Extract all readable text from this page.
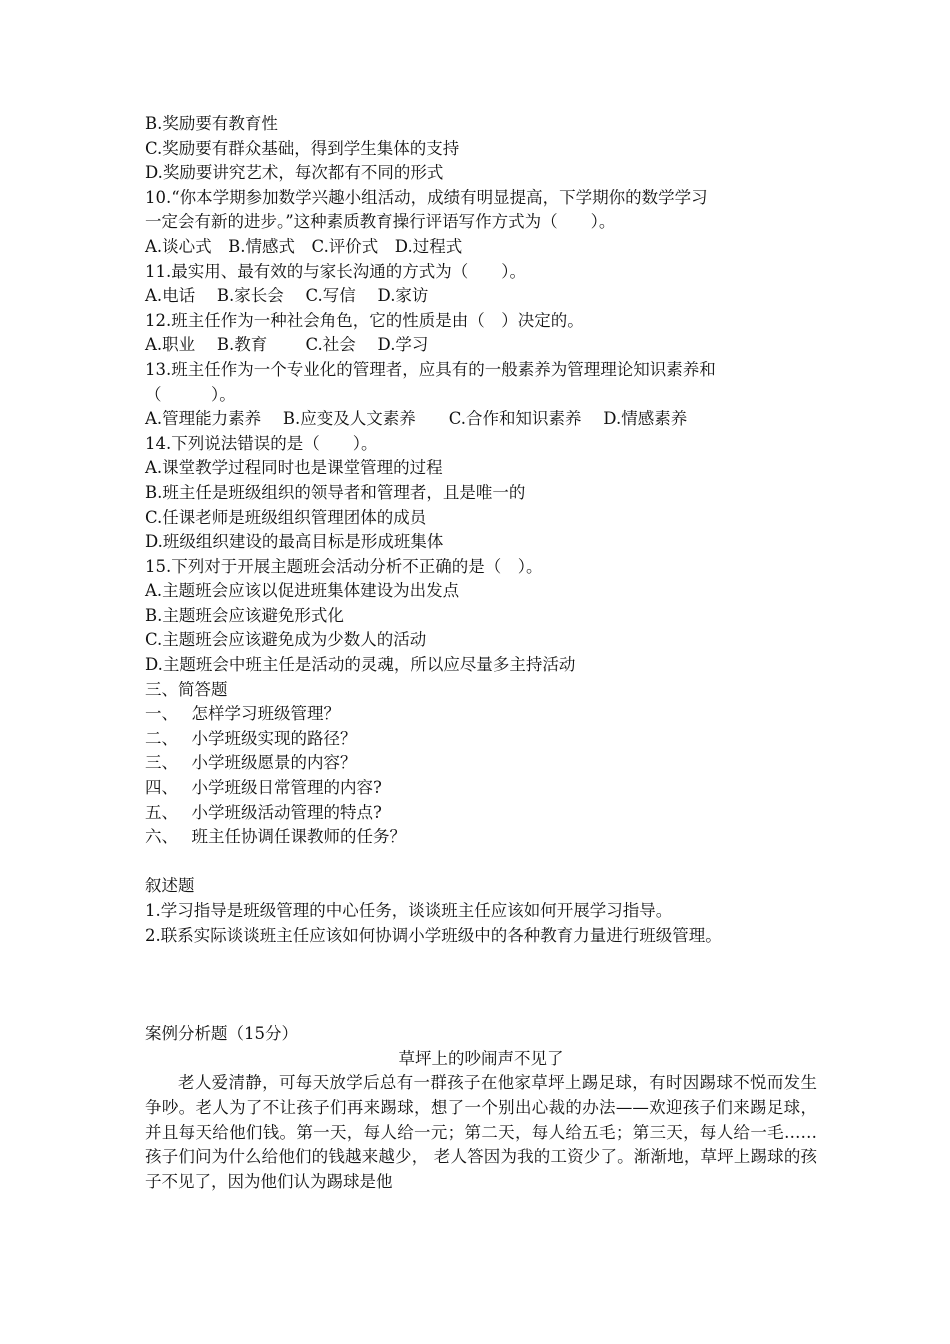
B.奖励要有教育性
C.奖励要有群众基础，得到学生集体的支持
D.奖励要讲究艺术，每次都有不同的形式
10.“你本学期参加数学兴趣小组活动，成绩有明显提高，下学期你的数学学习
一定会有新的进步。”这种素质教育操行评语写作方式为（　　）。
A.谈心式　B.情感式　C.评价式　D.过程式
11.最实用、最有效的与家长沟通的方式为（　　）。
A.电话　 B.家长会　 C.写信　 D.家访
12.班主任作为一种社会角色，它的性质是由（　）决定的。
A.职业　 B.教育　　 C.社会　 D.学习
13.班主任作为一个专业化的管理者，应具有的一般素养为管理理论知识素养和
（　　　）。
A.管理能力素养　 B.应变及人文素养　　C.合作和知识素养　 D.情感素养
14.下列说法错误的是（　　）。
A.课堂教学过程同时也是课堂管理的过程
B.班主任是班级组织的领导者和管理者，且是唯一的
C.任课老师是班级组织管理团体的成员
D.班级组织建设的最高目标是形成班集体
15.下列对于开展主题班会活动分析不正确的是（　）。
A.主题班会应该以促进班集体建设为出发点
B.主题班会应该避免形式化
C.主题班会应该避免成为少数人的活动
D.主题班会中班主任是活动的灵魂，所以应尽量多主持活动
三、简答题
一、　 怎样学习班级管理？
二、　 小学班级实现的路径？
三、　 小学班级愿景的内容？
四、　 小学班级日常管理的内容?
五、　 小学班级活动管理的特点?
六、　 班主任协调任课教师的任务？
叙述题
1.学习指导是班级管理的中心任务，谈谈班主任应该如何开展学习指导。
2.联系实际谈谈班主任应该如何协调小学班级中的各种教育力量进行班级管理。
案例分析题（15分）
草坪上的吵闹声不见了
老人爱清静，可每天放学后总有一群孩子在他家草坪上踢足球，有时因踢球不悦而发生争吵。老人为了不让孩子们再来踢球，想了一个别出心裁的办法——欢迎孩子们来踢足球，并且每天给他们钱。第一天，每人给一元；第二天，每人给五毛；第三天，每人给一毛……孩子们问为什么给他们的钱越来越少， 老人答因为我的工资少了。渐渐地，草坪上踢球的孩子不见了，因为他们认为踢球是他
